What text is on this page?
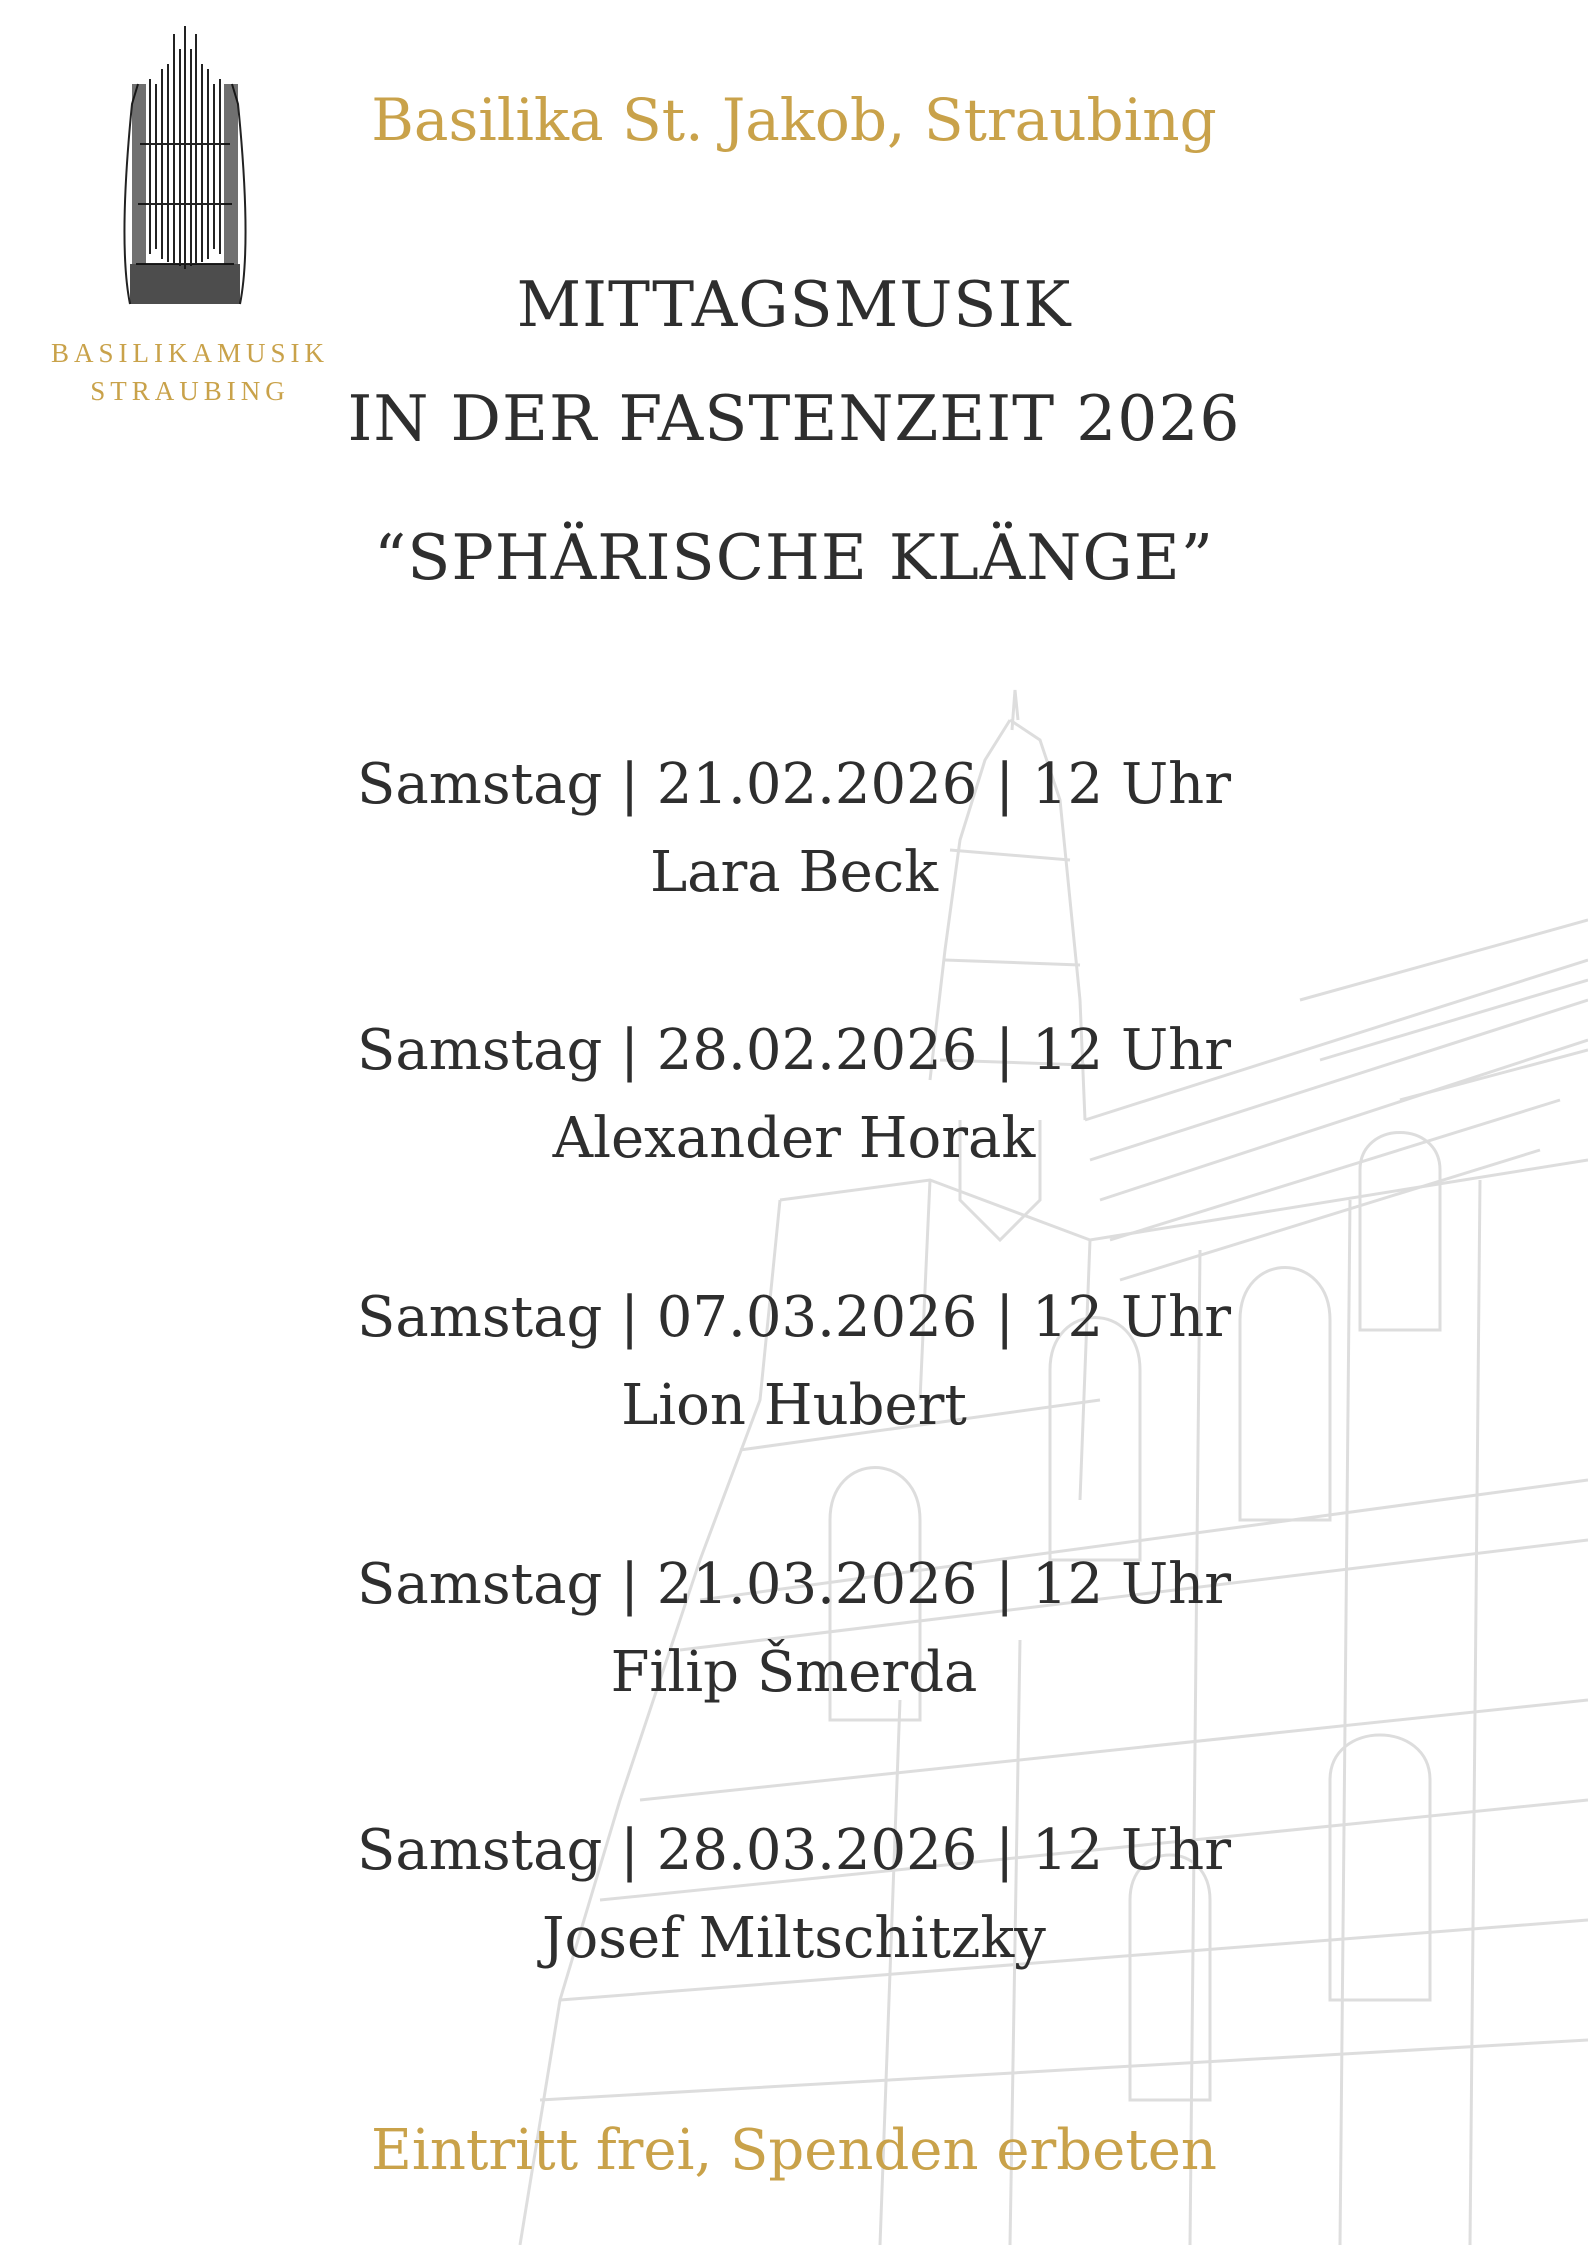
BASILIKAMUSIK
STRAUBING
Basilika St. Jakob, Straubing
MITTAGSMUSIK
IN DER FASTENZEIT 2026
“SPHÄRISCHE KLÄNGE”
Samstag | 21.02.2026 | 12 Uhr
Lara Beck
Samstag | 28.02.2026 | 12 Uhr
Alexander Horak
Samstag | 07.03.2026 | 12 Uhr
Lion Hubert
Samstag | 21.03.2026 | 12 Uhr
Filip Šmerda
Samstag | 28.03.2026 | 12 Uhr
Josef Miltschitzky
Eintritt frei, Spenden erbeten
